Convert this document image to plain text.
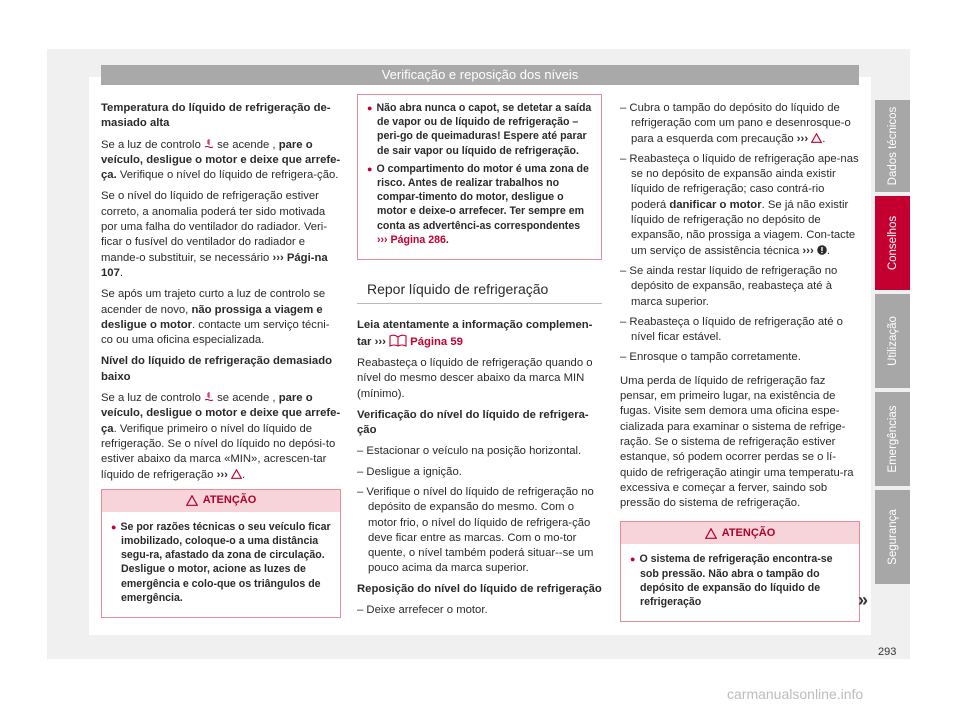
Verificação e reposição dos níveis

Temperatura do líquido de refrigeração de-masiado alta

Se a luz de controlo se acende , pare o veículo, desligue o motor e deixe que arrefe-ça. Verifique o nível do líquido de refrigera-ção.

Se o nível do líquido de refrigeração estiver correto, a anomalia poderá ter sido motivada por uma falha do ventilador do radiador. Veri-ficar o fusível do ventilador do radiador e mande-o substituir, se necessário ››› Pági-na 107.

Se após um trajeto curto a luz de controlo se acender de novo, não prossiga a viagem e desligue o motor. contacte um serviço técni-co ou uma oficina especializada.

Nível do líquido de refrigeração demasiado baixo

Se a luz de controlo se acende , pare o veículo, desligue o motor e deixe que arrefe-ça. Verifique primeiro o nível do líquido de refrigeração. Se o nível do líquido no depósi-to estiver abaixo da marca «MIN», acrescen-tar líquido de refrigeração ››› .

ATENÇÃO
● Se por razões técnicas o seu veículo ficar imobilizado, coloque-o a uma distância segu-ra, afastado da zona de circulação. Desligue o motor, acione as luzes de emergência e colo-que os triângulos de emergência.
● Não abra nunca o capot, se detetar a saída de vapor ou de líquido de refrigeração – peri-go de queimaduras! Espere até parar de sair vapor ou líquido de refrigeração.
● O compartimento do motor é uma zona de risco. Antes de realizar trabalhos no compar-timento do motor, desligue o motor e deixe-o arrefecer. Ter sempre em conta as advertênci-as correspondentes ››› Página 286.
Repor líquido de refrigeração

Leia atentamente a informação complemen-tar ››› Página 59

Reabasteça o líquido de refrigeração quando o nível do mesmo descer abaixo da marca MIN (mínimo).

Verificação do nível do líquido de refrigera-ção

– Estacionar o veículo na posição horizontal.
– Desligue a ignição.
– Verifique o nível do líquido de refrigeração no depósito de expansão do mesmo. Com o motor frio, o nível do líquido de refrigera-ção deve ficar entre as marcas. Com o mo-tor quente, o nível também poderá situar--se um pouco acima da marca superior.

Reposição do nível do líquido de refrigeração

– Deixe arrefecer o motor.
– Cubra o tampão do depósito do líquido de refrigeração com um pano e desenrosque-o para a esquerda com precaução ››› .
– Reabasteça o líquido de refrigeração ape-nas se no depósito de expansão ainda existir líquido de refrigeração; caso contrá-rio poderá danificar o motor. Se já não existir líquido de refrigeração no depósito de expansão, não prossiga a viagem. Con-tacte um serviço de assistência técnica ››› .
– Se ainda restar líquido de refrigeração no depósito de expansão, reabasteça até à marca superior.
– Reabasteça o líquido de refrigeração até o nível ficar estável.
– Enrosque o tampão corretamente.

Uma perda de líquido de refrigeração faz pensar, em primeiro lugar, na existência de fugas. Visite sem demora uma oficina espe-cializada para examinar o sistema de refrige-ração. Se o sistema de refrigeração estiver estanque, só podem ocorrer perdas se o lí-quido de refrigeração atingir uma temperatu-ra excessiva e começar a ferver, saindo sob pressão do sistema de refrigeração.

ATENÇÃO
● O sistema de refrigeração encontra-se sob pressão. Não abra o tampão do depósito de expansão do líquido de refrigeração	»
Dados técnicos
Conselhos
Utilização
Emergências
Segurança
293
carmanualsonline.info
